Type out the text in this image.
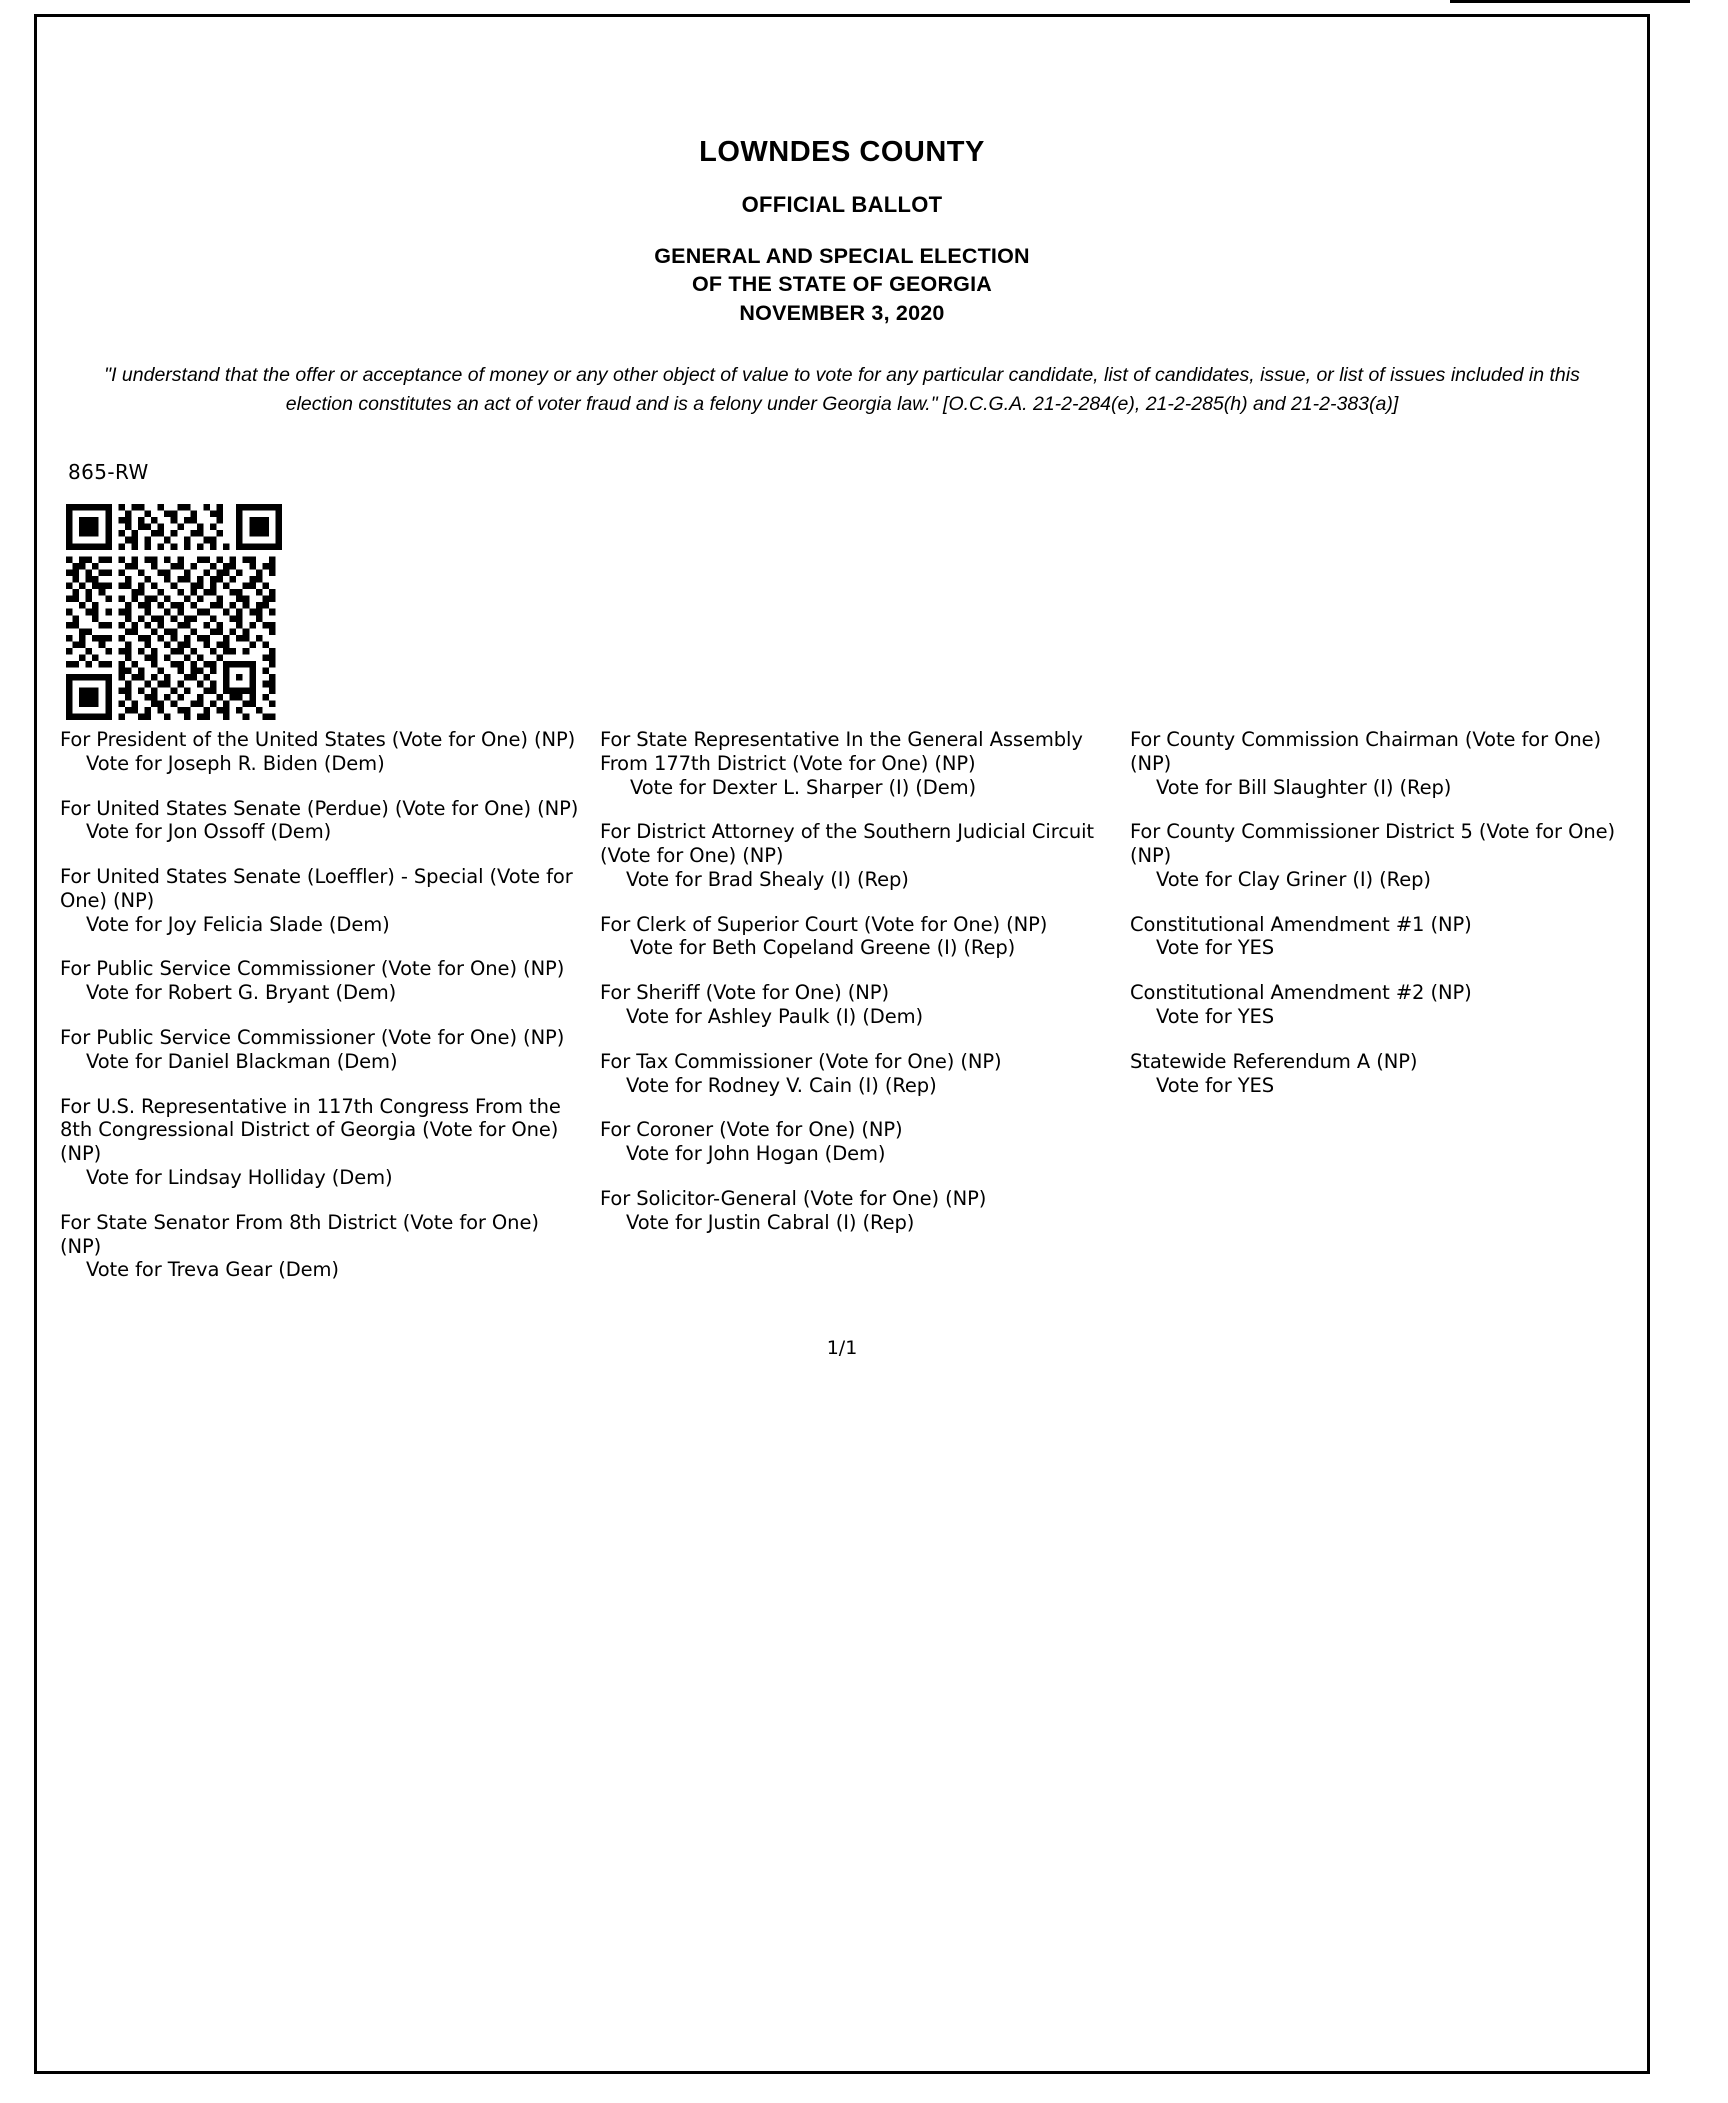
LOWNDES COUNTY
OFFICIAL BALLOT
GENERAL AND SPECIAL ELECTION
OF THE STATE OF GEORGIA
NOVEMBER 3, 2020
"I understand that the offer or acceptance of money or any other object of value to vote for any particular candidate, list of candidates, issue, or list of issues included in this election constitutes an act of voter fraud and is a felony under Georgia law." [O.C.G.A. 21-2-284(e), 21-2-285(h) and 21-2-383(a)]
865-RW
For President of the United States (Vote for One) (NP)
Vote for Joseph R. Biden (Dem)
For United States Senate (Perdue) (Vote for One) (NP)
Vote for Jon Ossoff (Dem)
For United States Senate (Loeffler) - Special (Vote for One) (NP)
Vote for Joy Felicia Slade (Dem)
For Public Service Commissioner (Vote for One) (NP)
Vote for Robert G. Bryant (Dem)
For Public Service Commissioner (Vote for One) (NP)
Vote for Daniel Blackman (Dem)
For U.S. Representative in 117th Congress From the 8th Congressional District of Georgia (Vote for One) (NP)
Vote for Lindsay Holliday (Dem)
For State Senator From 8th District (Vote for One) (NP)
Vote for Treva Gear (Dem)
For State Representative In the General Assembly From 177th District (Vote for One) (NP)
Vote for Dexter L. Sharper (I) (Dem)
For District Attorney of the Southern Judicial Circuit (Vote for One) (NP)
Vote for Brad Shealy (I) (Rep)
For Clerk of Superior Court (Vote for One) (NP)
Vote for Beth Copeland Greene (I) (Rep)
For Sheriff (Vote for One) (NP)
Vote for Ashley Paulk (I) (Dem)
For Tax Commissioner (Vote for One) (NP)
Vote for Rodney V. Cain (I) (Rep)
For Coroner (Vote for One) (NP)
Vote for John Hogan (Dem)
For Solicitor-General (Vote for One) (NP)
Vote for Justin Cabral (I) (Rep)
For County Commission Chairman (Vote for One) (NP)
Vote for Bill Slaughter (I) (Rep)
For County Commissioner District 5 (Vote for One) (NP)
Vote for Clay Griner (I) (Rep)
Constitutional Amendment #1 (NP)
Vote for YES
Constitutional Amendment #2 (NP)
Vote for YES
Statewide Referendum A (NP)
Vote for YES
1/1
